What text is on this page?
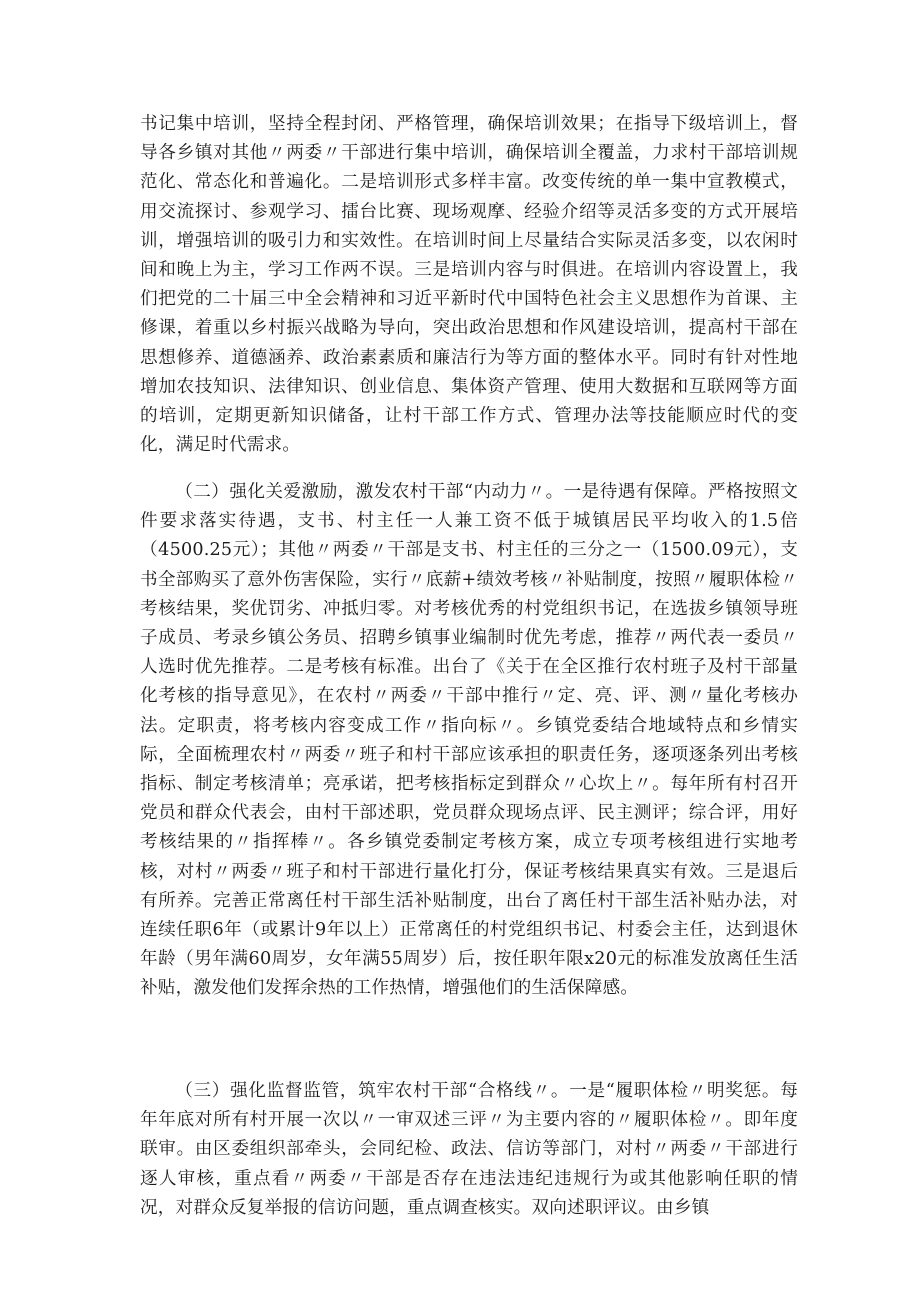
书记集中培训，坚持全程封闭、严格管理，确保培训效果；在指导下级培训上，督导各乡镇对其他〃两委〃干部进行集中培训，确保培训全覆盖，力求村干部培训规范化、常态化和普遍化。二是培训形式多样丰富。改变传统的单一集中宣教模式，用交流探讨、参观学习、擂台比赛、现场观摩、经验介绍等灵活多变的方式开展培训，增强培训的吸引力和实效性。在培训时间上尽量结合实际灵活多变，以农闲时间和晚上为主，学习工作两不误。三是培训内容与时俱进。在培训内容设置上，我们把党的二十届三中全会精神和习近平新时代中国特色社会主义思想作为首课、主修课，着重以乡村振兴战略为导向，突出政治思想和作风建设培训，提高村干部在思想修养、道德涵养、政治素素质和廉洁行为等方面的整体水平。同时有针对性地增加农技知识、法律知识、创业信息、集体资产管理、使用大数据和互联网等方面的培训，定期更新知识储备，让村干部工作方式、管理办法等技能顺应时代的变化，满足时代需求。

（二）强化关爱激励，激发农村干部“内动力〃。一是待遇有保障。严格按照文件要求落实待遇，支书、村主任一人兼工资不低于城镇居民平均收入的1.5倍（4500.25元）；其他〃两委〃干部是支书、村主任的三分之一（1500.09元），支书全部购买了意外伤害保险，实行〃底薪+绩效考核〃补贴制度，按照〃履职体检〃考核结果，奖优罚劣、冲抵归零。对考核优秀的村党组织书记，在选拔乡镇领导班子成员、考录乡镇公务员、招聘乡镇事业编制时优先考虑，推荐〃两代表一委员〃人选时优先推荐。二是考核有标准。出台了《关于在全区推行农村班子及村干部量化考核的指导意见》，在农村〃两委〃干部中推行〃定、亮、评、测〃量化考核办法。定职责，将考核内容变成工作〃指向标〃。乡镇党委结合地域特点和乡情实际，全面梳理农村〃两委〃班子和村干部应该承担的职责任务，逐项逐条列出考核指标、制定考核清单；亮承诺，把考核指标定到群众〃心坎上〃。每年所有村召开党员和群众代表会，由村干部述职，党员群众现场点评、民主测评；综合评，用好考核结果的〃指挥棒〃。各乡镇党委制定考核方案，成立专项考核组进行实地考核，对村〃两委〃班子和村干部进行量化打分，保证考核结果真实有效。三是退后有所养。完善正常离任村干部生活补贴制度，出台了离任村干部生活补贴办法，对连续任职6年（或累计9年以上）正常离任的村党组织书记、村委会主任，达到退休年龄（男年满60周岁，女年满55周岁）后，按任职年限x20元的标准发放离任生活补贴，激发他们发挥余热的工作热情，增强他们的生活保障感。

（三）强化监督监管，筑牢农村干部“合格线〃。一是“履职体检〃明奖惩。每年年底对所有村开展一次以〃一审双述三评〃为主要内容的〃履职体检〃。即年度联审。由区委组织部牵头，会同纪检、政法、信访等部门，对村〃两委〃干部进行逐人审核，重点看〃两委〃干部是否存在违法违纪违规行为或其他影响任职的情况，对群众反复举报的信访问题，重点调查核实。双向述职评议。由乡镇
